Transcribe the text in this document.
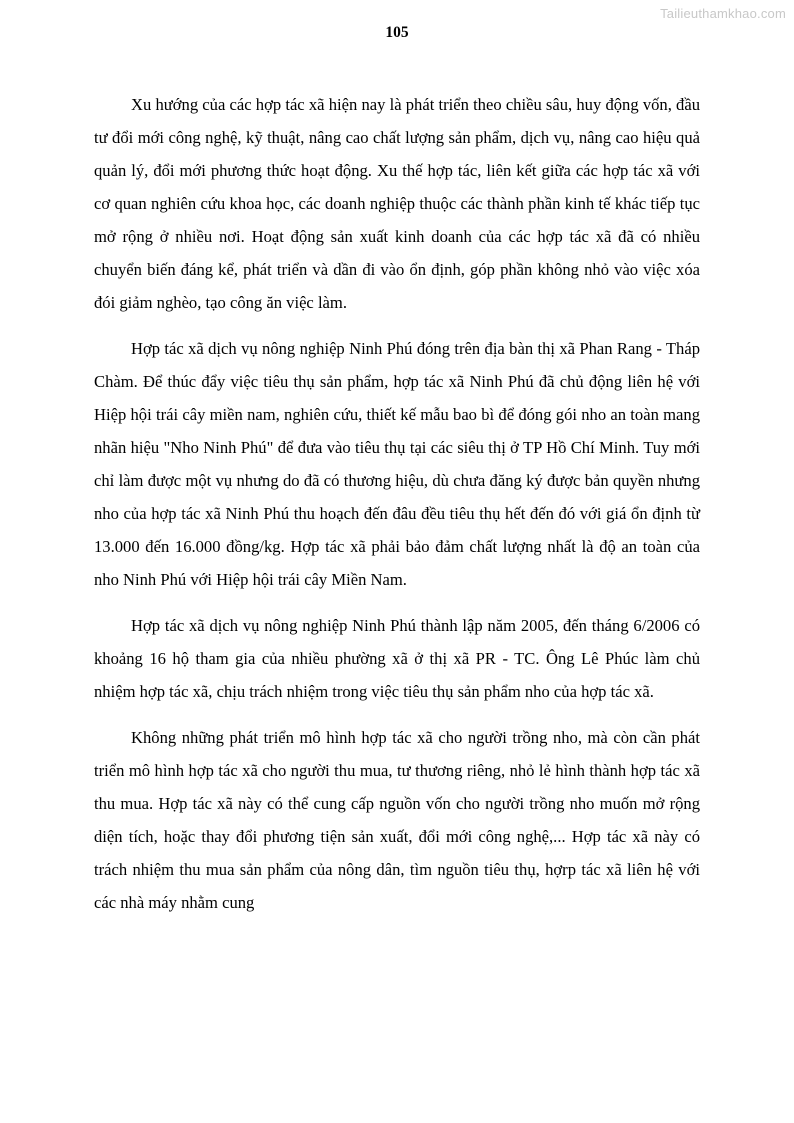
Tailieuthamkhao.com
105

Xu hướng của các hợp tác xã hiện nay là phát triển theo chiều sâu, huy động vốn, đầu tư đổi mới công nghệ, kỹ thuật, nâng cao chất lượng sản phẩm, dịch vụ, nâng cao hiệu quả quản lý, đổi mới phương thức hoạt động. Xu thế hợp tác, liên kết giữa các hợp tác xã với cơ quan nghiên cứu khoa học, các doanh nghiệp thuộc các thành phần kinh tế khác tiếp tục mở rộng ở nhiều nơi. Hoạt động sản xuất kinh doanh của các hợp tác xã đã có nhiều chuyển biến đáng kể, phát triển và dần đi vào ổn định, góp phần không nhỏ vào việc xóa đói giảm nghèo, tạo công ăn việc làm.

Hợp tác xã dịch vụ nông nghiệp Ninh Phú đóng trên địa bàn thị xã Phan Rang - Tháp Chàm. Để thúc đẩy việc tiêu thụ sản phẩm, hợp tác xã Ninh Phú đã chủ động liên hệ với Hiệp hội trái cây miền nam, nghiên cứu, thiết kế mẫu bao bì để đóng gói nho an toàn mang nhãn hiệu "Nho Ninh Phú" để đưa vào tiêu thụ tại các siêu thị ở TP Hồ Chí Minh. Tuy mới chỉ làm được một vụ nhưng do đã có thương hiệu, dù chưa đăng ký được bản quyền nhưng nho của hợp tác xã Ninh Phú thu hoạch đến đâu đều tiêu thụ hết đến đó với giá ổn định từ 13.000 đến 16.000 đồng/kg. Hợp tác xã phải bảo đảm chất lượng nhất là độ an toàn của nho Ninh Phú với Hiệp hội trái cây Miền Nam.

Hợp tác xã dịch vụ nông nghiệp Ninh Phú thành lập năm 2005, đến tháng 6/2006 có khoảng 16 hộ tham gia của nhiều phường xã ở thị xã PR - TC. Ông Lê Phúc làm chủ nhiệm hợp tác xã, chịu trách nhiệm trong việc tiêu thụ sản phẩm nho của hợp tác xã.

Không những phát triển mô hình hợp tác xã cho người trồng nho, mà còn cần phát triển mô hình hợp tác xã cho người thu mua, tư thương riêng, nhỏ lẻ hình thành hợp tác xã thu mua. Hợp tác xã này có thể cung cấp nguồn vốn cho người trồng nho muốn mở rộng diện tích, hoặc thay đổi phương tiện sản xuất, đổi mới công nghệ,... Hợp tác xã này có trách nhiệm thu mua sản phẩm của nông dân, tìm nguồn tiêu thụ, hợrp tác xã liên hệ với các nhà máy nhằm cung
